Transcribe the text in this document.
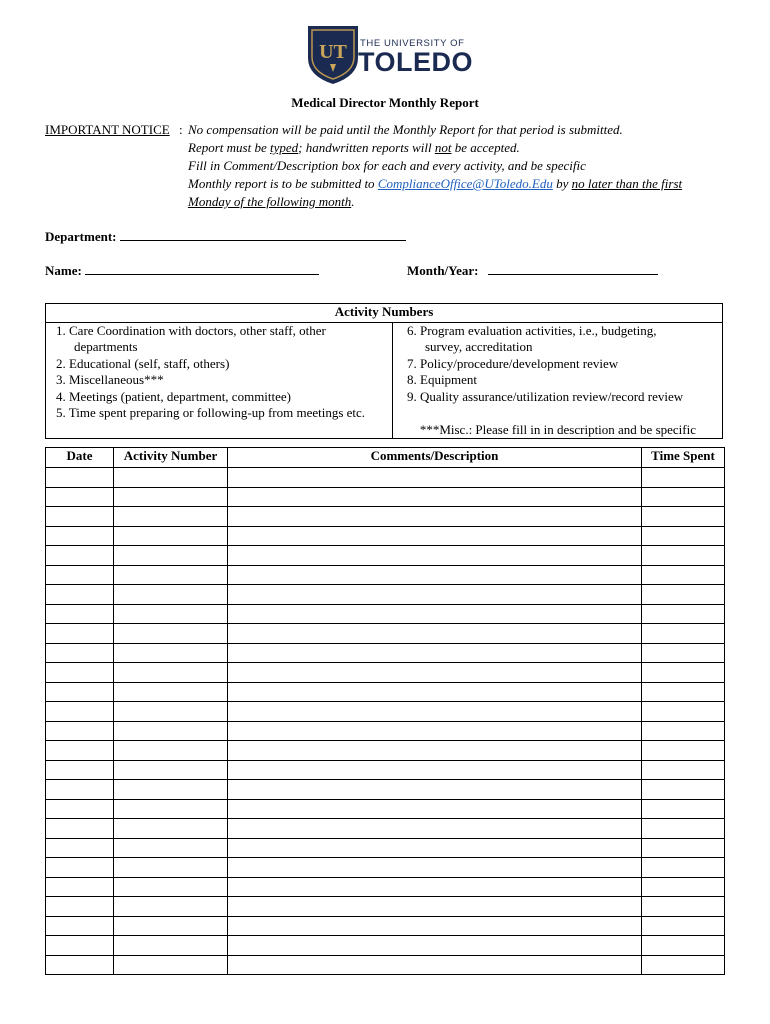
UT THE UNIVERSITY OF
TOLEDO
Medical Director Monthly Report
IMPORTANT NOTICE : No compensation will be paid until the Monthly Report for that period is submitted.
Report must be typed; handwritten reports will not be accepted.
Fill in Comment/Description box for each and every activity, and be specific
Monthly report is to be submitted to ComplianceOffice@UToledo.Edu by no later than the first
Monday of the following month.
Department:
Name:	Month/Year:
Activity Numbers
1. Care Coordination with doctors, other staff, other
departments
2. Educational (self, staff, others)
3. Miscellaneous***
4. Meetings (patient, department, committee)
5. Time spent preparing or following-up from meetings etc.
6. Program evaluation activities, i.e., budgeting,
survey, accreditation
7. Policy/procedure/development review
8. Equipment
9. Quality assurance/utilization review/record review
***Misc.: Please fill in in description and be specific
Date	Activity Number	Comments/Description	Time Spent
